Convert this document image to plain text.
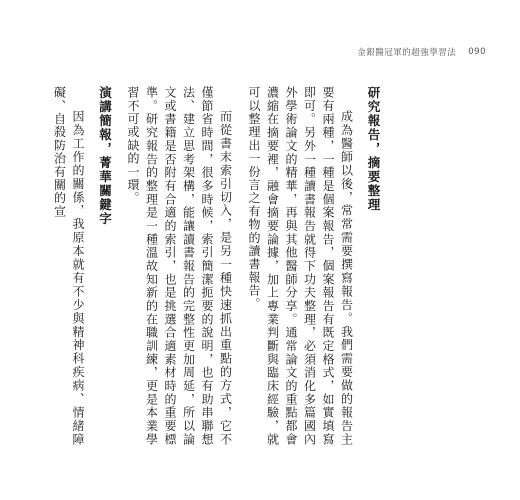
金銀醫冠軍的超強學習法 090
研究報告，摘要整理

成為醫師以後，常常需要撰寫報告。我們需要做的報告主要有兩種，一種是個案報告，個案報告有既定格式，如實填寫即可。另外一種讀書報告就得下功夫整理，必須消化多篇國內外學術論文的精華，再與其他醫師分享。通常論文的重點都會濃縮在摘要裡，融會摘要論據，加上專業判斷與臨床經驗，就可以整理出一份言之有物的讀書報告。

而從書末索引切入，是另一種快速抓出重點的方式，它不僅節省時間，很多時候，索引簡潔扼要的說明，也有助串聯想法、建立思考架構，能讓讀書報告的完整性更加周延，所以論文或書籍是否附有合適的索引，也是挑選合適素材時的重要標準。研究報告的整理是一種溫故知新的在職訓練，更是本業學習不可或缺的一環。

演講簡報，菁華關鍵字

因為工作的關係，我原本就有不少與精神科疾病、情緒障礙、自殺防治有關的宣
